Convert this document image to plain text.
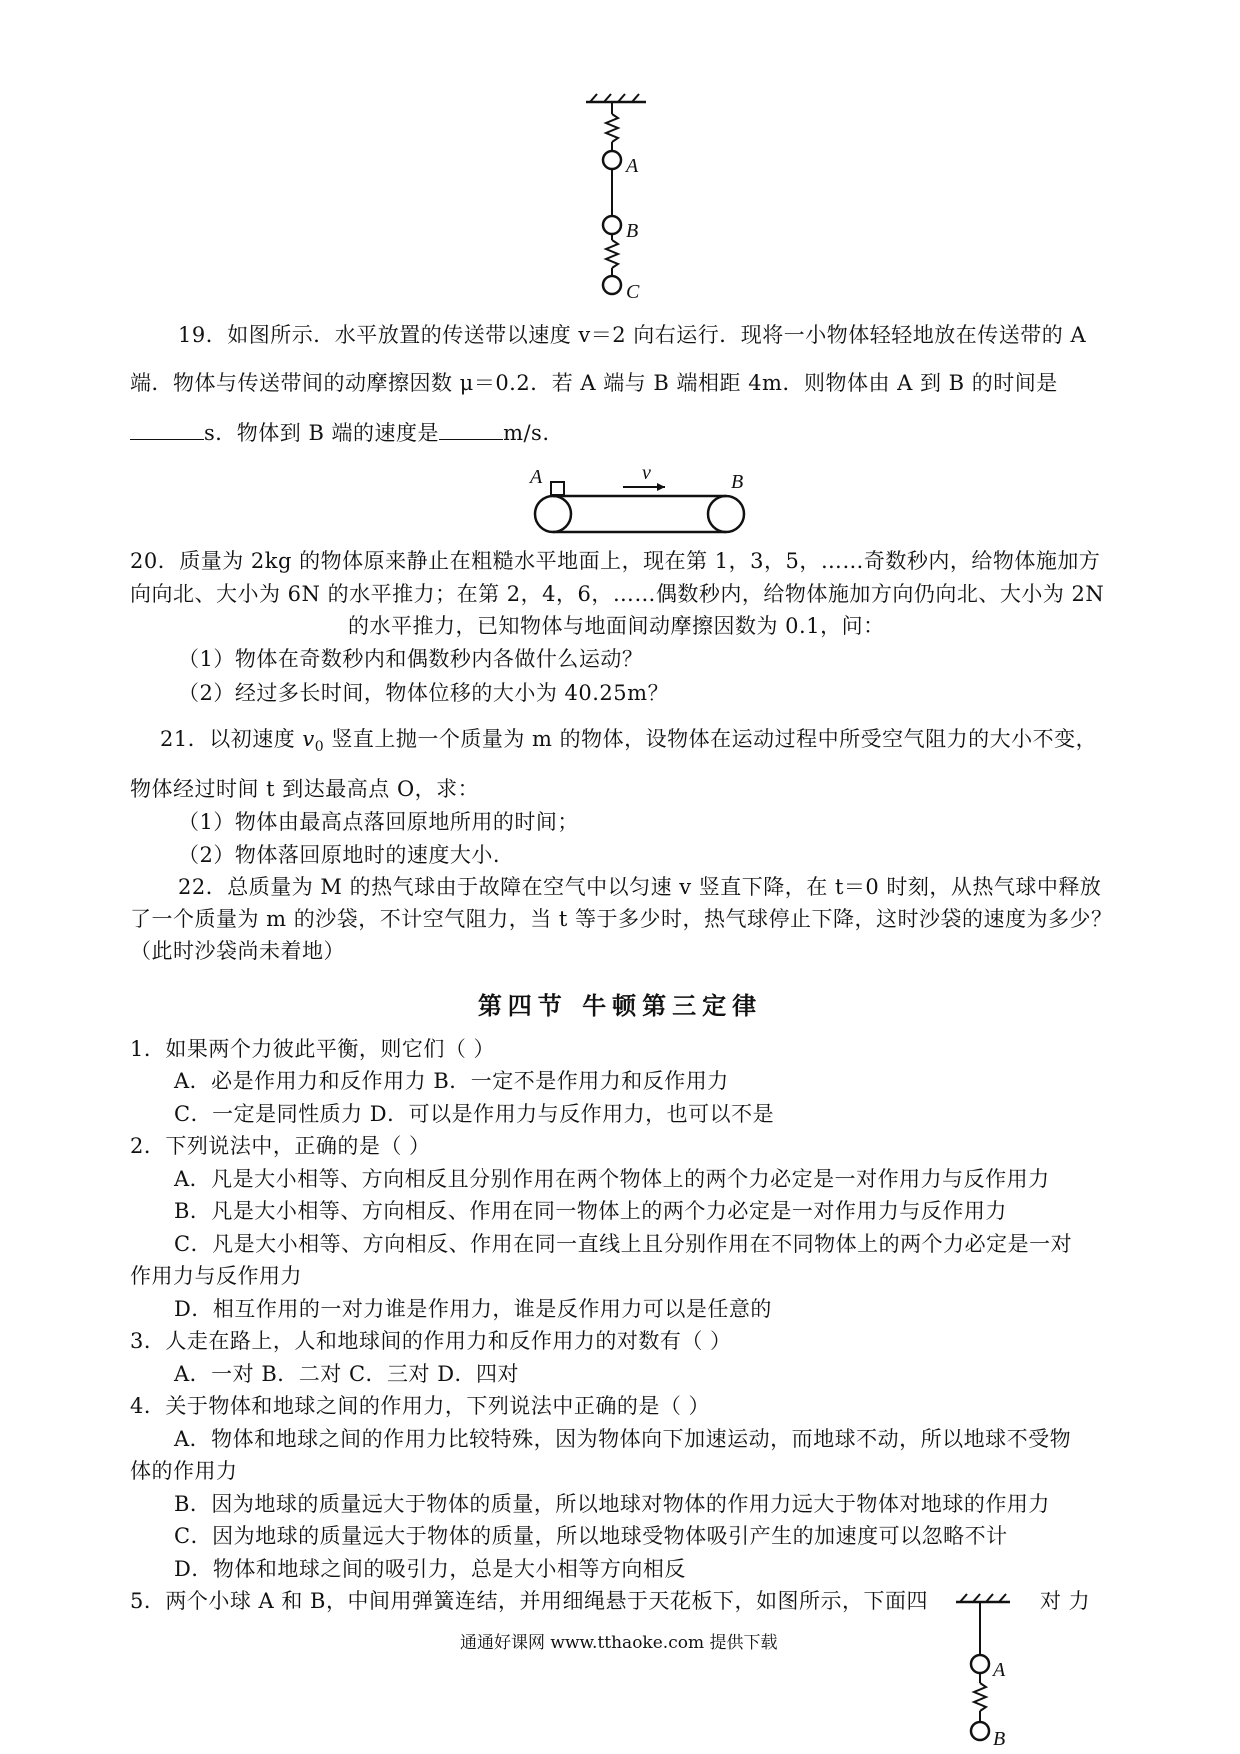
A
B
C
19．如图所示．水平放置的传送带以速度 v＝2 向右运行．现将一小物体轻轻地放在传送带的 A
端．物体与传送带间的动摩擦因数 μ＝0.2．若 A 端与 B 端相距 4m．则物体由 A 到 B 的时间是
s．物体到 B 端的速度是	m/s.
A	v	B
20．质量为 2kg 的物体原来静止在粗糙水平地面上，现在第 1，3，5，……奇数秒内，给物体施加方
向向北、大小为 6N 的水平推力；在第 2，4，6，……偶数秒内，给物体施加方向仍向北、大小为 2N
的水平推力，已知物体与地面间动摩擦因数为 0.1，问：
（1）物体在奇数秒内和偶数秒内各做什么运动？
（2）经过多长时间，物体位移的大小为 40.25m？
21．以初速度 $v_0$ 竖直上抛一个质量为 m 的物体，设物体在运动过程中所受空气阻力的大小不变，
物体经过时间 t 到达最高点 O，求：
（1）物体由最高点落回原地所用的时间；
（2）物体落回原地时的速度大小.
22．总质量为 M 的热气球由于故障在空气中以匀速 v 竖直下降，在 t＝0 时刻，从热气球中释放
了一个质量为 m 的沙袋，不计空气阻力，当 t 等于多少时，热气球停止下降，这时沙袋的速度为多少？
（此时沙袋尚未着地）
第四节 牛顿第三定律
1．如果两个力彼此平衡，则它们（ ）
A．必是作用力和反作用力 B．一定不是作用力和反作用力
C．一定是同性质力 D．可以是作用力与反作用力，也可以不是
2．下列说法中，正确的是（ ）
A．凡是大小相等、方向相反且分别作用在两个物体上的两个力必定是一对作用力与反作用力
B．凡是大小相等、方向相反、作用在同一物体上的两个力必定是一对作用力与反作用力
C．凡是大小相等、方向相反、作用在同一直线上且分别作用在不同物体上的两个力必定是一对
作用力与反作用力
D．相互作用的一对力谁是作用力，谁是反作用力可以是任意的
3．人走在路上，人和地球间的作用力和反作用力的对数有（ ）
A．一对 B．二对 C．三对 D．四对
4．关于物体和地球之间的作用力，下列说法中正确的是（ ）
A．物体和地球之间的作用力比较特殊，因为物体向下加速运动，而地球不动，所以地球不受物
体的作用力
B．因为地球的质量远大于物体的质量，所以地球对物体的作用力远大于物体对地球的作用力
C．因为地球的质量远大于物体的质量，所以地球受物体吸引产生的加速度可以忽略不计
D．物体和地球之间的吸引力，总是大小相等方向相反
5．两个小球 A 和 B，中间用弹簧连结，并用细绳悬于天花板下，如图所示，下面四	对 力
A
B
通通好课网 www.tthaoke.com 提供下载
